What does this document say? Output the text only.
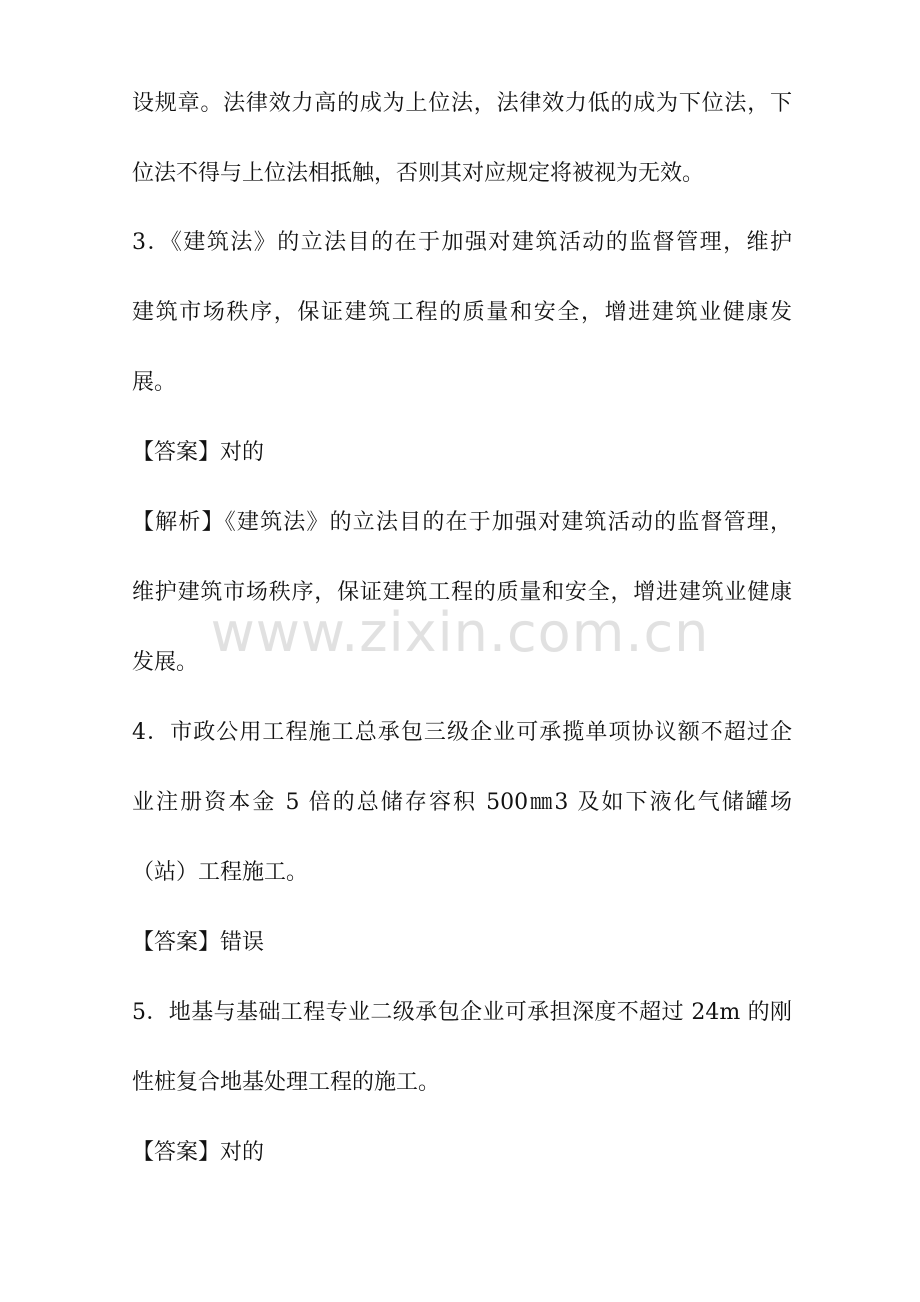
设规章。法律效力高的成为上位法，法律效力低的成为下位法，下
位法不得与上位法相抵触，否则其对应规定将被视为无效。
3．《建筑法》的立法目的在于加强对建筑活动的监督管理，维护
建筑市场秩序，保证建筑工程的质量和安全，增进建筑业健康发
展。
【答案】对的
【解析】《建筑法》的立法目的在于加强对建筑活动的监督管理，
维护建筑市场秩序，保证建筑工程的质量和安全，增进建筑业健康
发展。
4．市政公用工程施工总承包三级企业可承揽单项协议额不超过企
业注册资本金 5 倍的总储存容积 500㎜3 及如下液化气储罐场
（站）工程施工。
【答案】错误
5．地基与基础工程专业二级承包企业可承担深度不超过 24m 的刚
性桩复合地基处理工程的施工。
【答案】对的
www.zixin.com.cn
